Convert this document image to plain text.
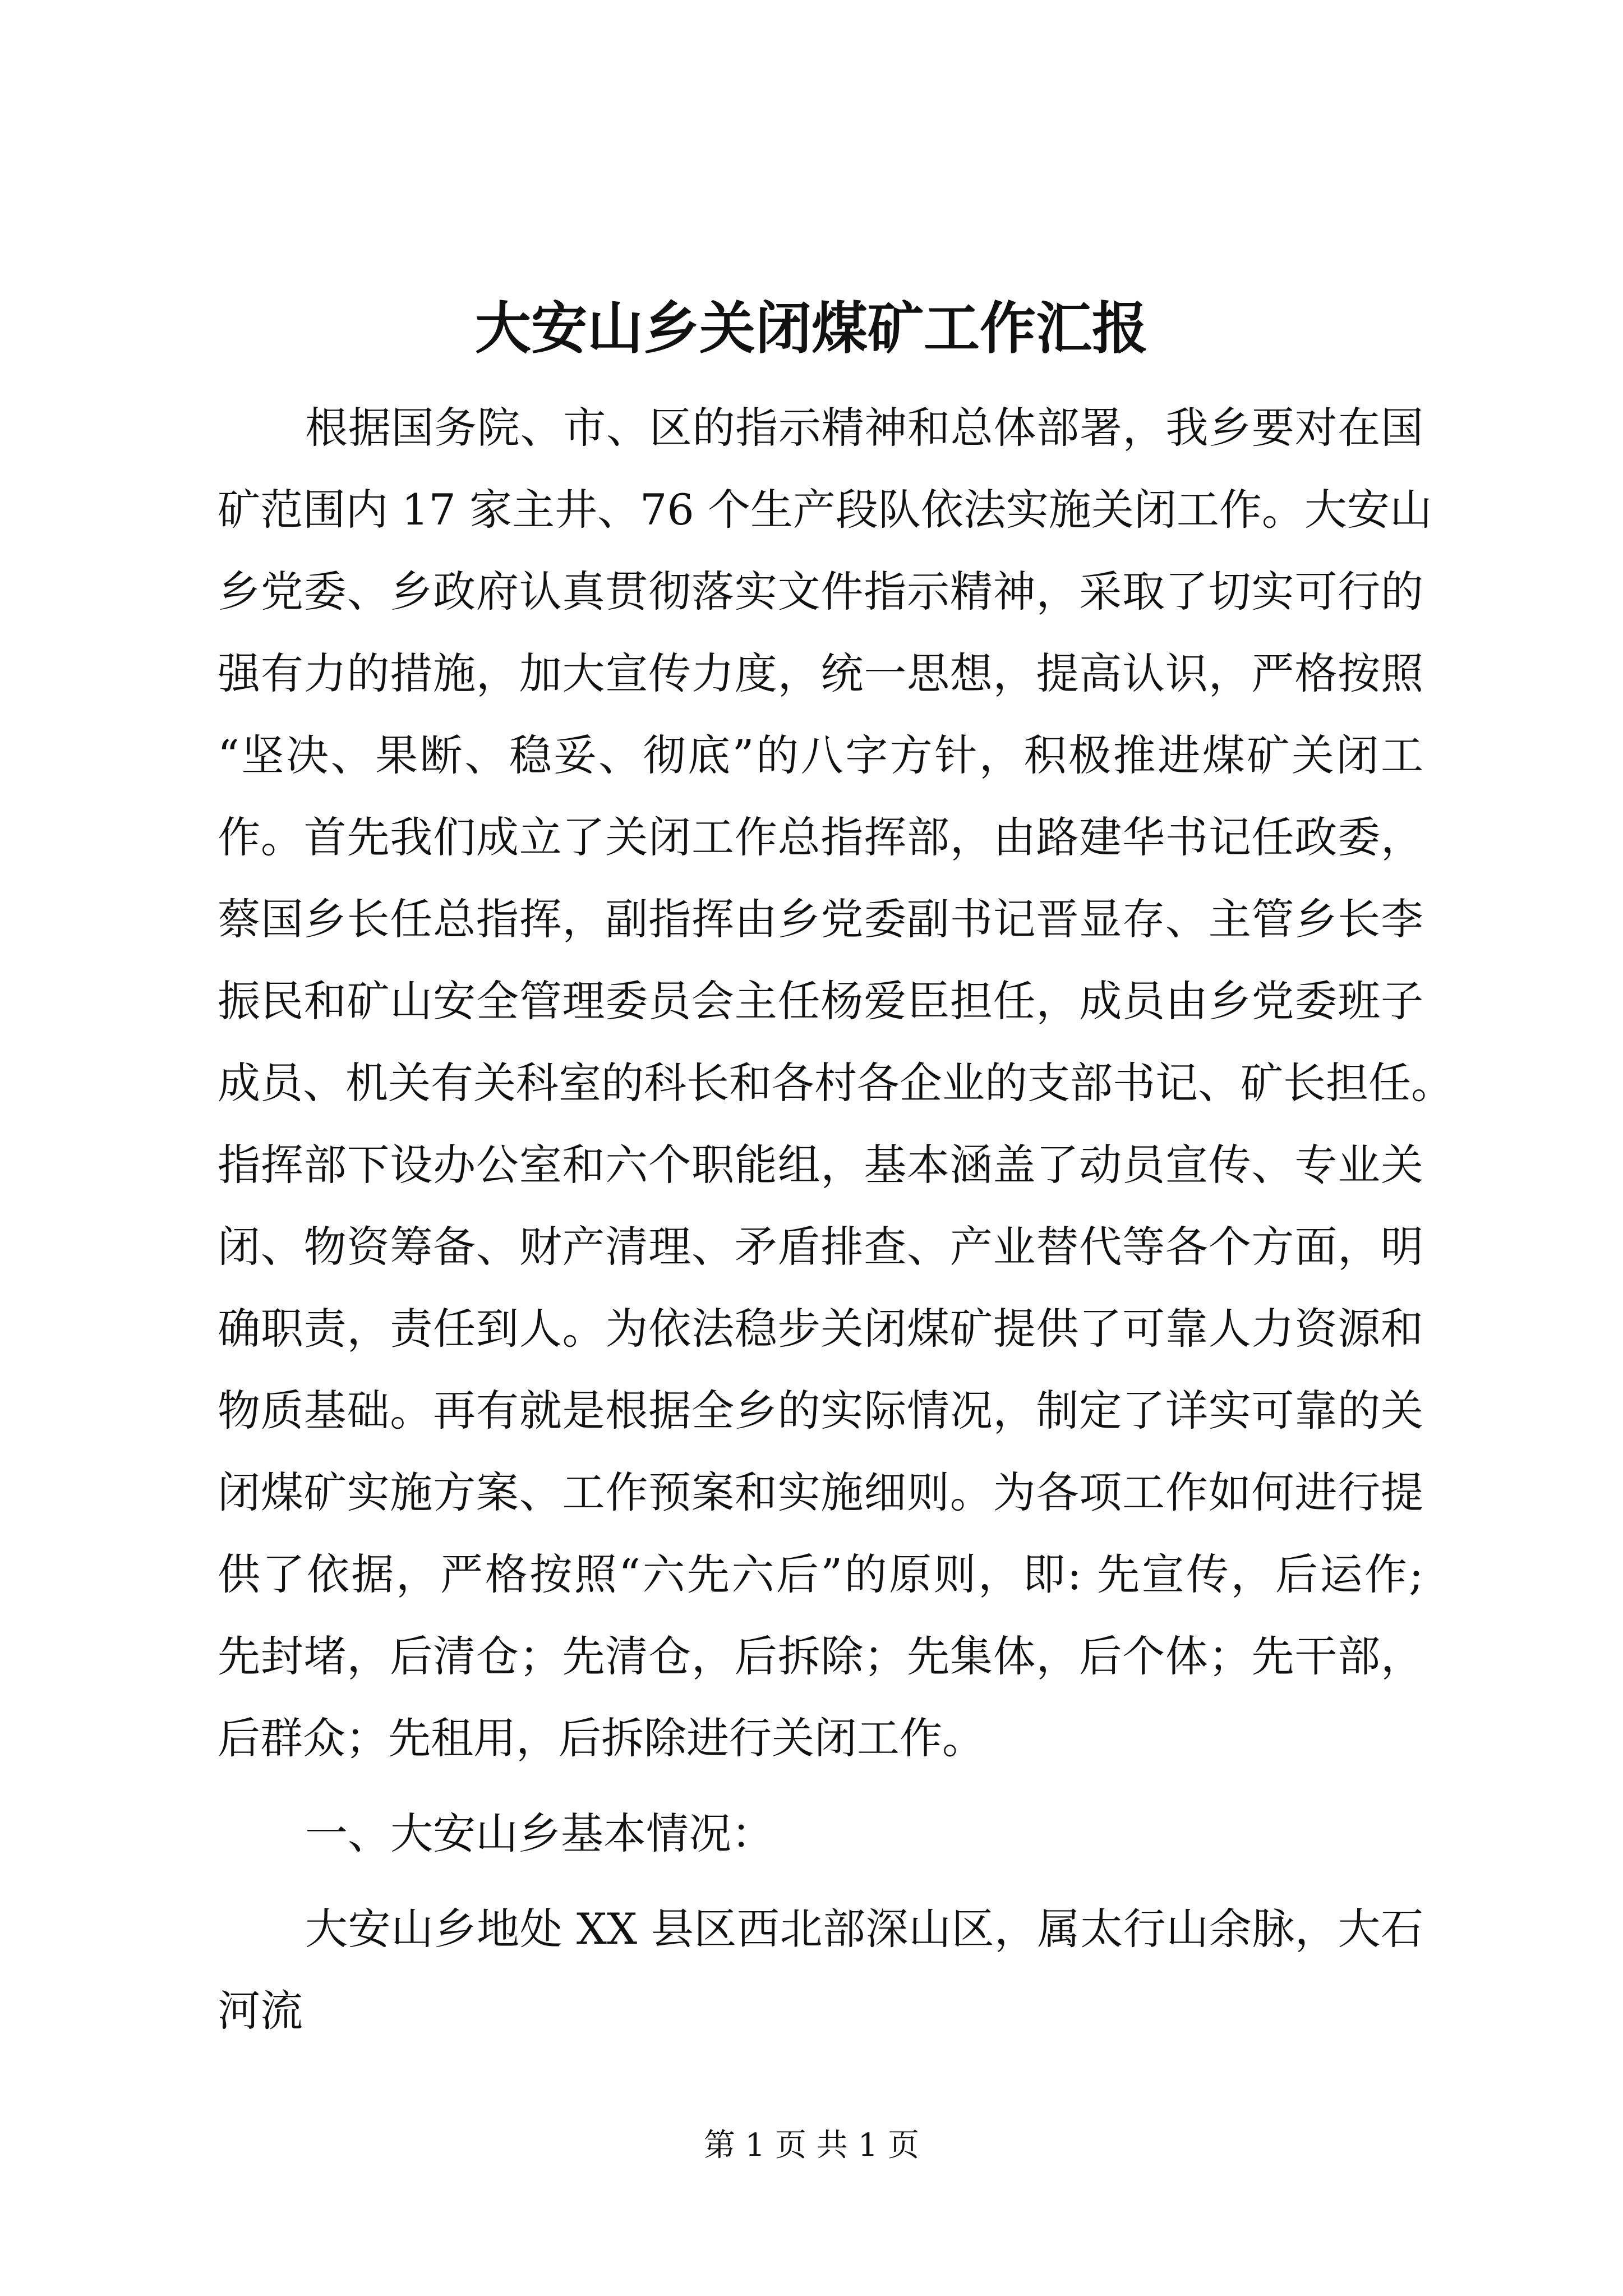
大安山乡关闭煤矿工作汇报
根据国务院、市、区的指示精神和总体部署，我乡要对在国
矿范围内 17 家主井、76 个生产段队依法实施关闭工作。大安山
乡党委、乡政府认真贯彻落实文件指示精神，采取了切实可行的
强有力的措施，加大宣传力度，统一思想，提高认识，严格按照
“坚决、果断、稳妥、彻底”的八字方针，积极推进煤矿关闭工
作。首先我们成立了关闭工作总指挥部，由路建华书记任政委，
蔡国乡长任总指挥，副指挥由乡党委副书记晋显存、主管乡长李
振民和矿山安全管理委员会主任杨爱臣担任，成员由乡党委班子
成员、机关有关科室的科长和各村各企业的支部书记、矿长担任。
指挥部下设办公室和六个职能组，基本涵盖了动员宣传、专业关
闭、物资筹备、财产清理、矛盾排查、产业替代等各个方面，明
确职责，责任到人。为依法稳步关闭煤矿提供了可靠人力资源和
物质基础。再有就是根据全乡的实际情况，制定了详实可靠的关
闭煤矿实施方案、工作预案和实施细则。为各项工作如何进行提
供了依据，严格按照“六先六后”的原则，即: 先宣传，后运作;
先封堵，后清仓；先清仓，后拆除；先集体，后个体；先干部，
后群众；先租用，后拆除进行关闭工作。
一、大安山乡基本情况：
大安山乡地处 XX 县区西北部深山区，属太行山余脉，大石
河流
第 1 页 共 1 页
